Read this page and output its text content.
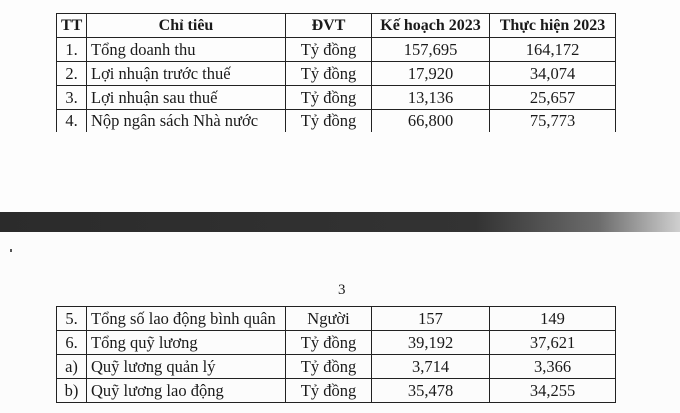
TT	Chỉ tiêu	ĐVT	Kế hoạch 2023	Thực hiện 2023
1.	Tổng doanh thu	Tỷ đồng	157,695	164,172
2.	Lợi nhuận trước thuế	Tỷ đồng	17,920	34,074
3.	Lợi nhuận sau thuế	Tỷ đồng	13,136	25,657
4.	Nộp ngân sách Nhà nước	Tỷ đồng	66,800	75,773
3
5.	Tổng số lao động bình quân	Người	157	149
6.	Tổng quỹ lương	Tỷ đồng	39,192	37,621
a)	Quỹ lương quản lý	Tỷ đồng	3,714	3,366
b)	Quỹ lương lao động	Tỷ đồng	35,478	34,255
